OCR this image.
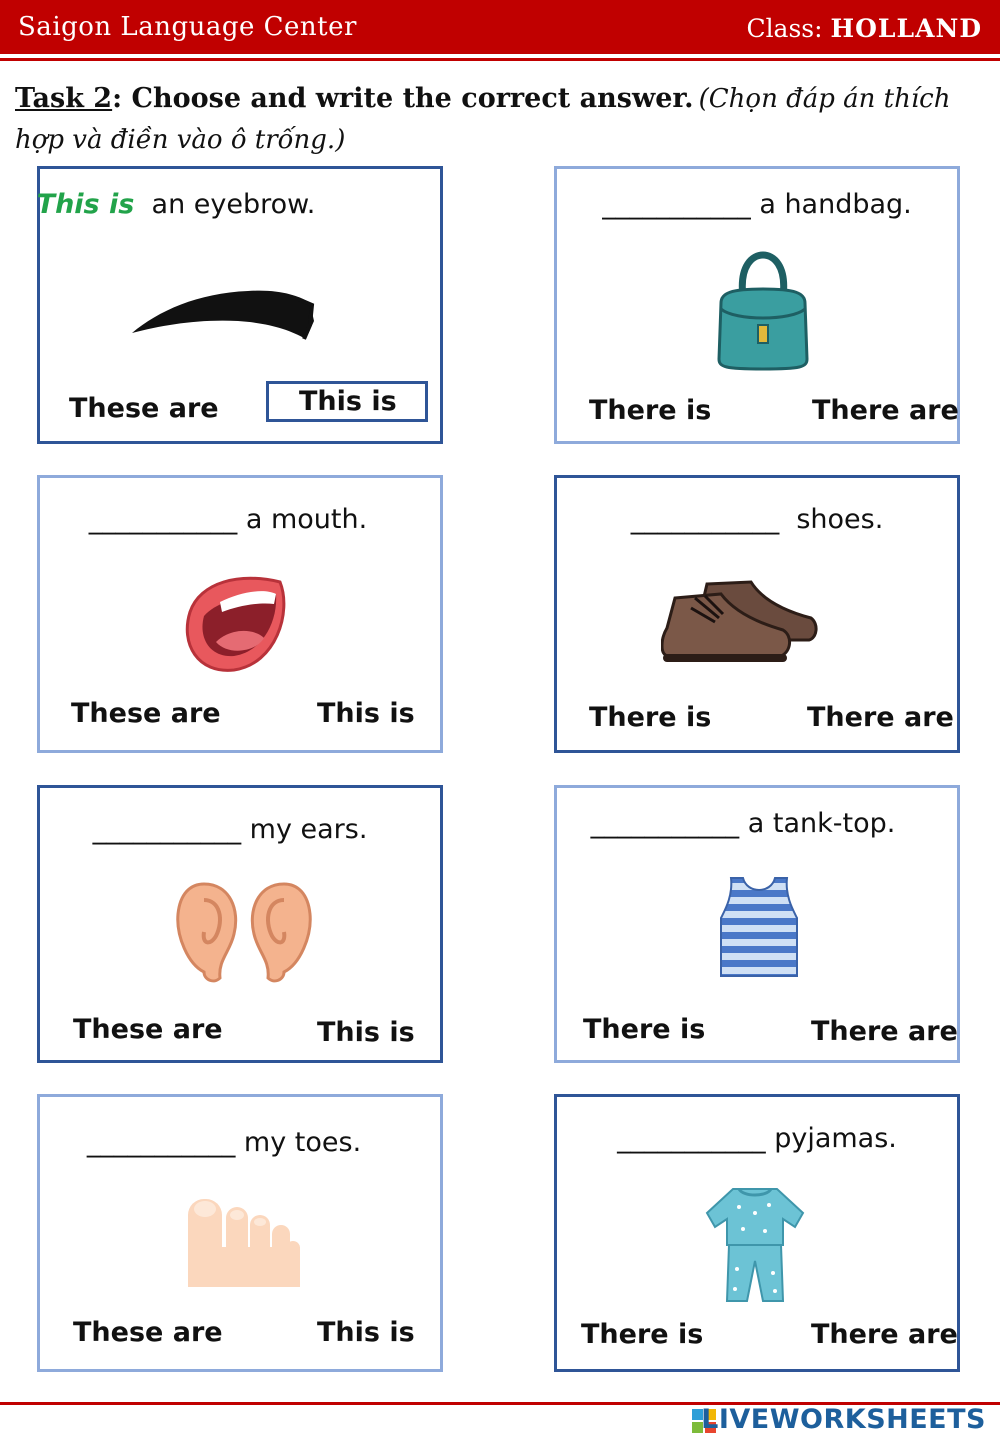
Saigon Language Center	Class: HOLLAND
Task 2: Choose and write the correct answer. (Chọn đáp án thích hợp và điền vào ô trống.)
This is  an eyebrow.
These are	This is
___________ a handbag.
There is	There are
___________ a mouth.
These are	This is
___________  shoes.
There is	There are
___________ my ears.
These are	This is
___________ a tank-top.
There is	There are
___________ my toes.
These are	This is
___________ pyjamas.
There is	There are
LIVEWORKSHEETS
